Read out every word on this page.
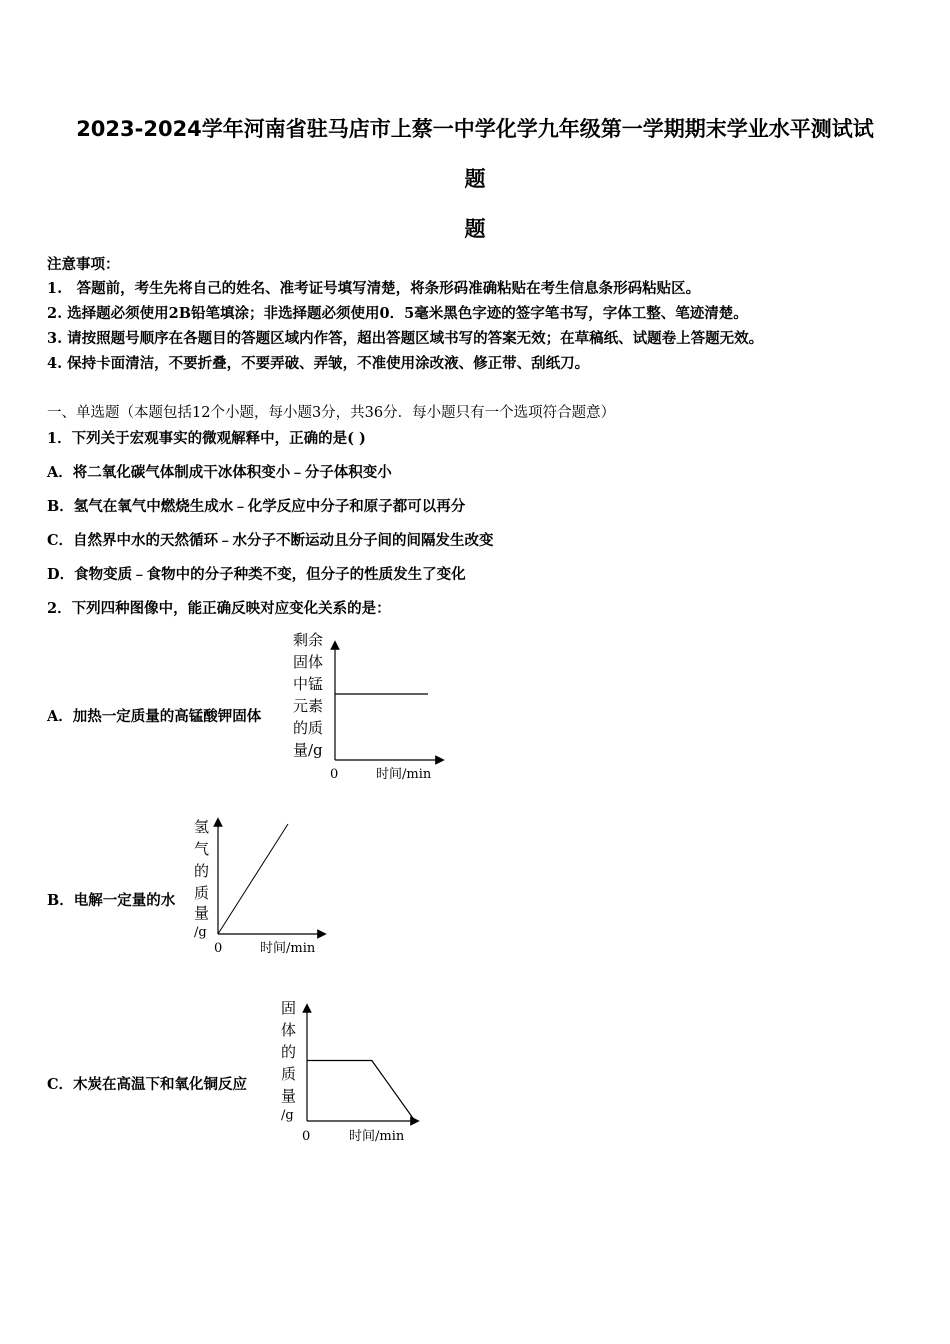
2023-2024学年河南省驻马店市上蔡一中学化学九年级第一学期期末学业水平测试试
题
题
注意事项：
1.　答题前，考生先将自己的姓名、准考证号填写清楚，将条形码准确粘贴在考生信息条形码粘贴区。
2. 选择题必须使用2B铅笔填涂；非选择题必须使用0．5毫米黑色字迹的签字笔书写，字体工整、笔迹清楚。
3. 请按照题号顺序在各题目的答题区域内作答，超出答题区域书写的答案无效；在草稿纸、试题卷上答题无效。
4. 保持卡面清洁，不要折叠，不要弄破、弄皱，不准使用涂改液、修正带、刮纸刀。
一、单选题（本题包括12个小题，每小题3分，共36分．每小题只有一个选项符合题意）
1．下列关于宏观事实的微观解释中，正确的是( )
A．将二氧化碳气体制成干冰体积变小﹣分子体积变小
B．氢气在氧气中燃烧生成水﹣化学反应中分子和原子都可以再分
C．自然界中水的天然循环﹣水分子不断运动且分子间的间隔发生改变
D．食物变质﹣食物中的分子种类不变，但分子的性质发生了变化
2．下列四种图像中，能正确反映对应变化关系的是：
A．加热一定质量的高锰酸钾固体
剩余
固体
中锰
元素
的质
量/g
0	时间/min
B．电解一定量的水
氢
气
的
质
量
/g
0	时间/min
C．木炭在高温下和氧化铜反应
固
体
的
质
量
/g
0	时间/min
